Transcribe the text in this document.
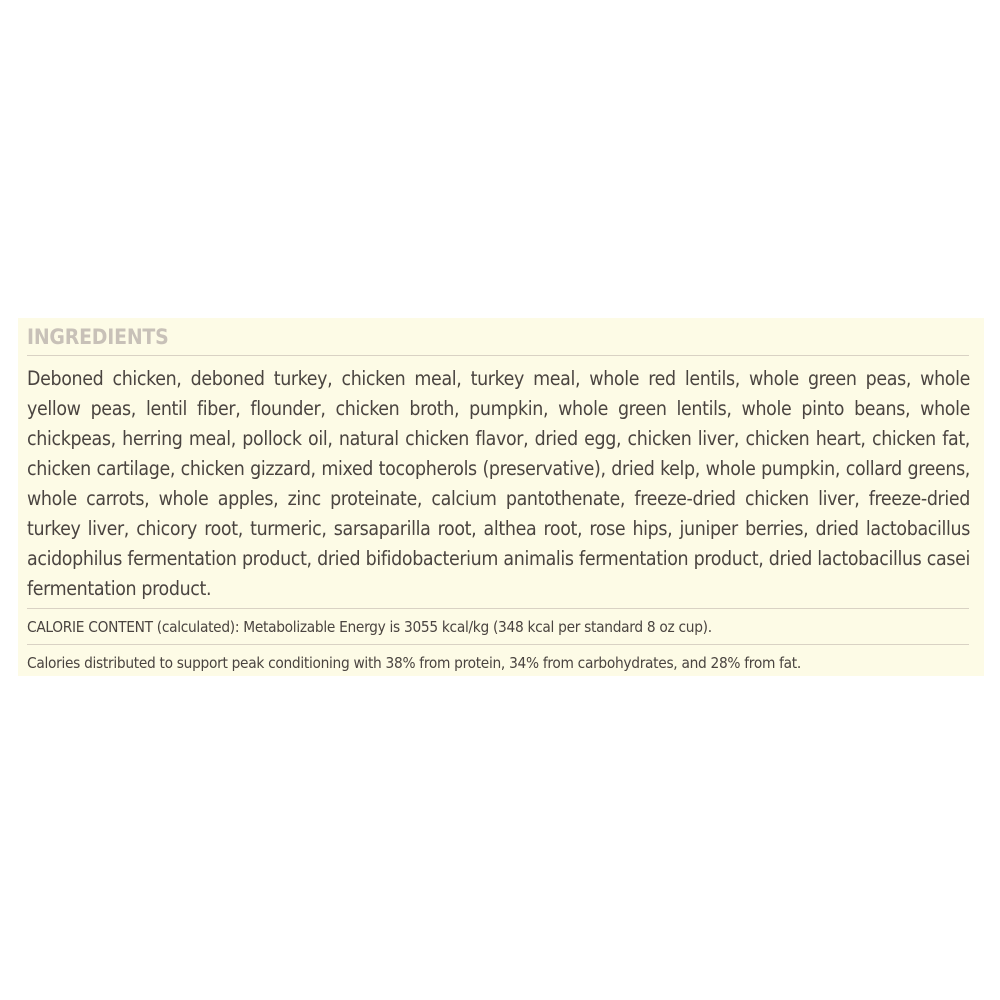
INGREDIENTS

Deboned chicken, deboned turkey, chicken meal, turkey meal, whole red lentils, whole green peas, whole yellow peas, lentil fiber, flounder, chicken broth, pumpkin, whole green lentils, whole pinto beans, whole chickpeas, herring meal, pollock oil, natural chicken flavor, dried egg, chicken liver, chicken heart, chicken fat, chicken cartilage, chicken gizzard, mixed tocopherols (preservative), dried kelp, whole pumpkin, collard greens, whole carrots, whole apples, zinc proteinate, calcium pantothenate, freeze-dried chicken liver, freeze-dried turkey liver, chicory root, turmeric, sarsaparilla root, althea root, rose hips, juniper berries, dried lactobacillus acidophilus fermentation product, dried bifidobacterium animalis fermentation product, dried lactobacillus casei fermentation product.

CALORIE CONTENT (calculated): Metabolizable Energy is 3055 kcal/kg (348 kcal per standard 8 oz cup).

Calories distributed to support peak conditioning with 38% from protein, 34% from carbohydrates, and 28% from fat.
